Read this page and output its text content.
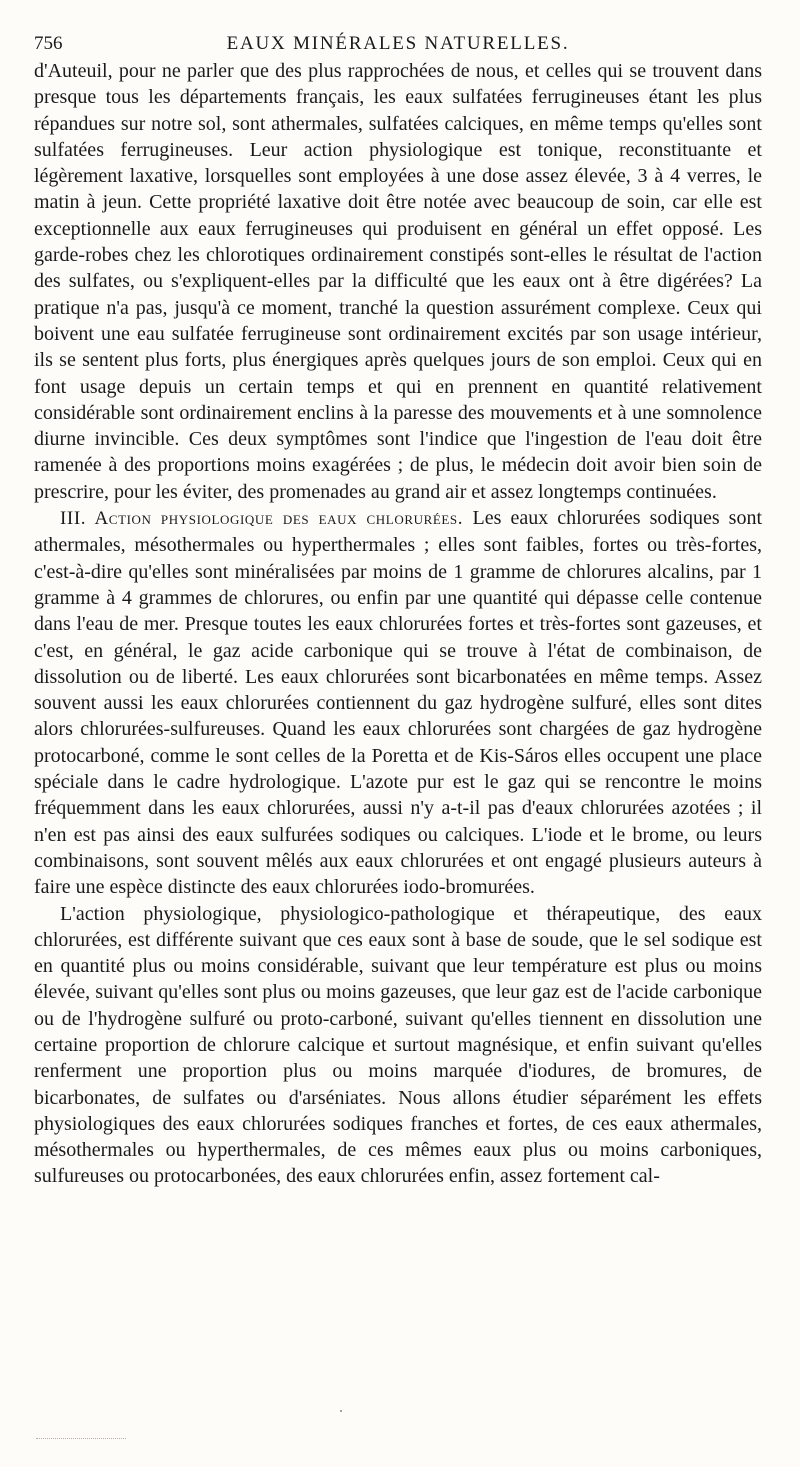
756	EAUX MINÉRALES NATURELLES.

d'Auteuil, pour ne parler que des plus rapprochées de nous, et celles qui se trouvent dans presque tous les départements français, les eaux sulfatées ferrugineuses étant les plus répandues sur notre sol, sont athermales, sulfatées calciques, en même temps qu'elles sont sulfatées ferrugineuses. Leur action physiologique est tonique, reconstituante et légèrement laxative, lorsquelles sont employées à une dose assez élevée, 3 à 4 verres, le matin à jeun. Cette propriété laxative doit être notée avec beaucoup de soin, car elle est exceptionnelle aux eaux ferrugineuses qui produisent en général un effet opposé. Les garde-robes chez les chlorotiques ordinairement constipés sont-elles le résultat de l'action des sulfates, ou s'expliquent-elles par la difficulté que les eaux ont à être digérées? La pratique n'a pas, jusqu'à ce moment, tranché la question assurément complexe. Ceux qui boivent une eau sulfatée ferrugineuse sont ordinairement excités par son usage intérieur, ils se sentent plus forts, plus énergiques après quelques jours de son emploi. Ceux qui en font usage depuis un certain temps et qui en prennent en quantité relativement considérable sont ordinairement enclins à la paresse des mouvements et à une somnolence diurne invincible. Ces deux symptômes sont l'indice que l'ingestion de l'eau doit être ramenée à des proportions moins exagérées ; de plus, le médecin doit avoir bien soin de prescrire, pour les éviter, des promenades au grand air et assez longtemps continuées.

III. Action physiologique des eaux chlorurées. Les eaux chlorurées sodiques sont athermales, mésothermales ou hyperthermales ; elles sont faibles, fortes ou très-fortes, c'est-à-dire qu'elles sont minéralisées par moins de 1 gramme de chlorures alcalins, par 1 gramme à 4 grammes de chlorures, ou enfin par une quantité qui dépasse celle contenue dans l'eau de mer. Presque toutes les eaux chlorurées fortes et très-fortes sont gazeuses, et c'est, en général, le gaz acide carbonique qui se trouve à l'état de combinaison, de dissolution ou de liberté. Les eaux chlorurées sont bicarbonatées en même temps. Assez souvent aussi les eaux chlorurées contiennent du gaz hydrogène sulfuré, elles sont dites alors chlorurées-sulfureuses. Quand les eaux chlorurées sont chargées de gaz hydrogène protocarboné, comme le sont celles de la Poretta et de Kis-Sáros elles occupent une place spéciale dans le cadre hydrologique. L'azote pur est le gaz qui se rencontre le moins fréquemment dans les eaux chlorurées, aussi n'y a-t-il pas d'eaux chlorurées azotées ; il n'en est pas ainsi des eaux sulfurées sodiques ou calciques. L'iode et le brome, ou leurs combinaisons, sont souvent mêlés aux eaux chlorurées et ont engagé plusieurs auteurs à faire une espèce distincte des eaux chlorurées iodo-bromurées.

L'action physiologique, physiologico-pathologique et thérapeutique, des eaux chlorurées, est différente suivant que ces eaux sont à base de soude, que le sel sodique est en quantité plus ou moins considérable, suivant que leur température est plus ou moins élevée, suivant qu'elles sont plus ou moins gazeuses, que leur gaz est de l'acide carbonique ou de l'hydrogène sulfuré ou proto-carboné, suivant qu'elles tiennent en dissolution une certaine proportion de chlorure calcique et surtout magnésique, et enfin suivant qu'elles renferment une proportion plus ou moins marquée d'iodures, de bromures, de bicarbonates, de sulfates ou d'arséniates. Nous allons étudier séparément les effets physiologiques des eaux chlorurées sodiques franches et fortes, de ces eaux athermales, mésothermales ou hyperthermales, de ces mêmes eaux plus ou moins carboniques, sulfureuses ou protocarbonées, des eaux chlorurées enfin, assez fortement cal-
